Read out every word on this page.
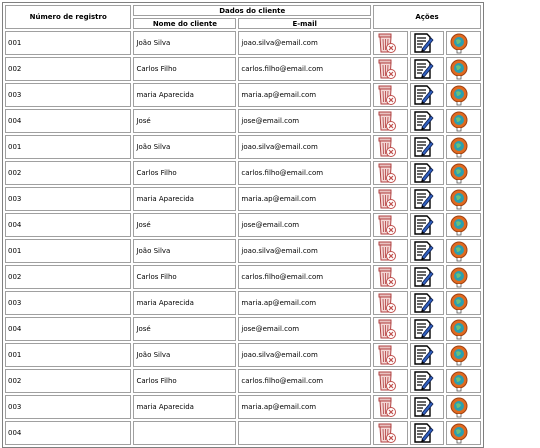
Número de registro	Dados do cliente		Ações		
	Nome do cliente	E-mail			
001	João Silva	joao.silva@email.com	

002	Carlos Filho	carlos.filho@email.com	

003	maria Aparecida	maria.ap@email.com	

004	José	jose@email.com	

001	João Silva	joao.silva@email.com	

002	Carlos Filho	carlos.filho@email.com	

003	maria Aparecida	maria.ap@email.com	

004	José	jose@email.com	

001	João Silva	joao.silva@email.com	

002	Carlos Filho	carlos.filho@email.com	

003	maria Aparecida	maria.ap@email.com	

004	José	jose@email.com	

001	João Silva	joao.silva@email.com	

002	Carlos Filho	carlos.filho@email.com	

003	maria Aparecida	maria.ap@email.com	

004			
